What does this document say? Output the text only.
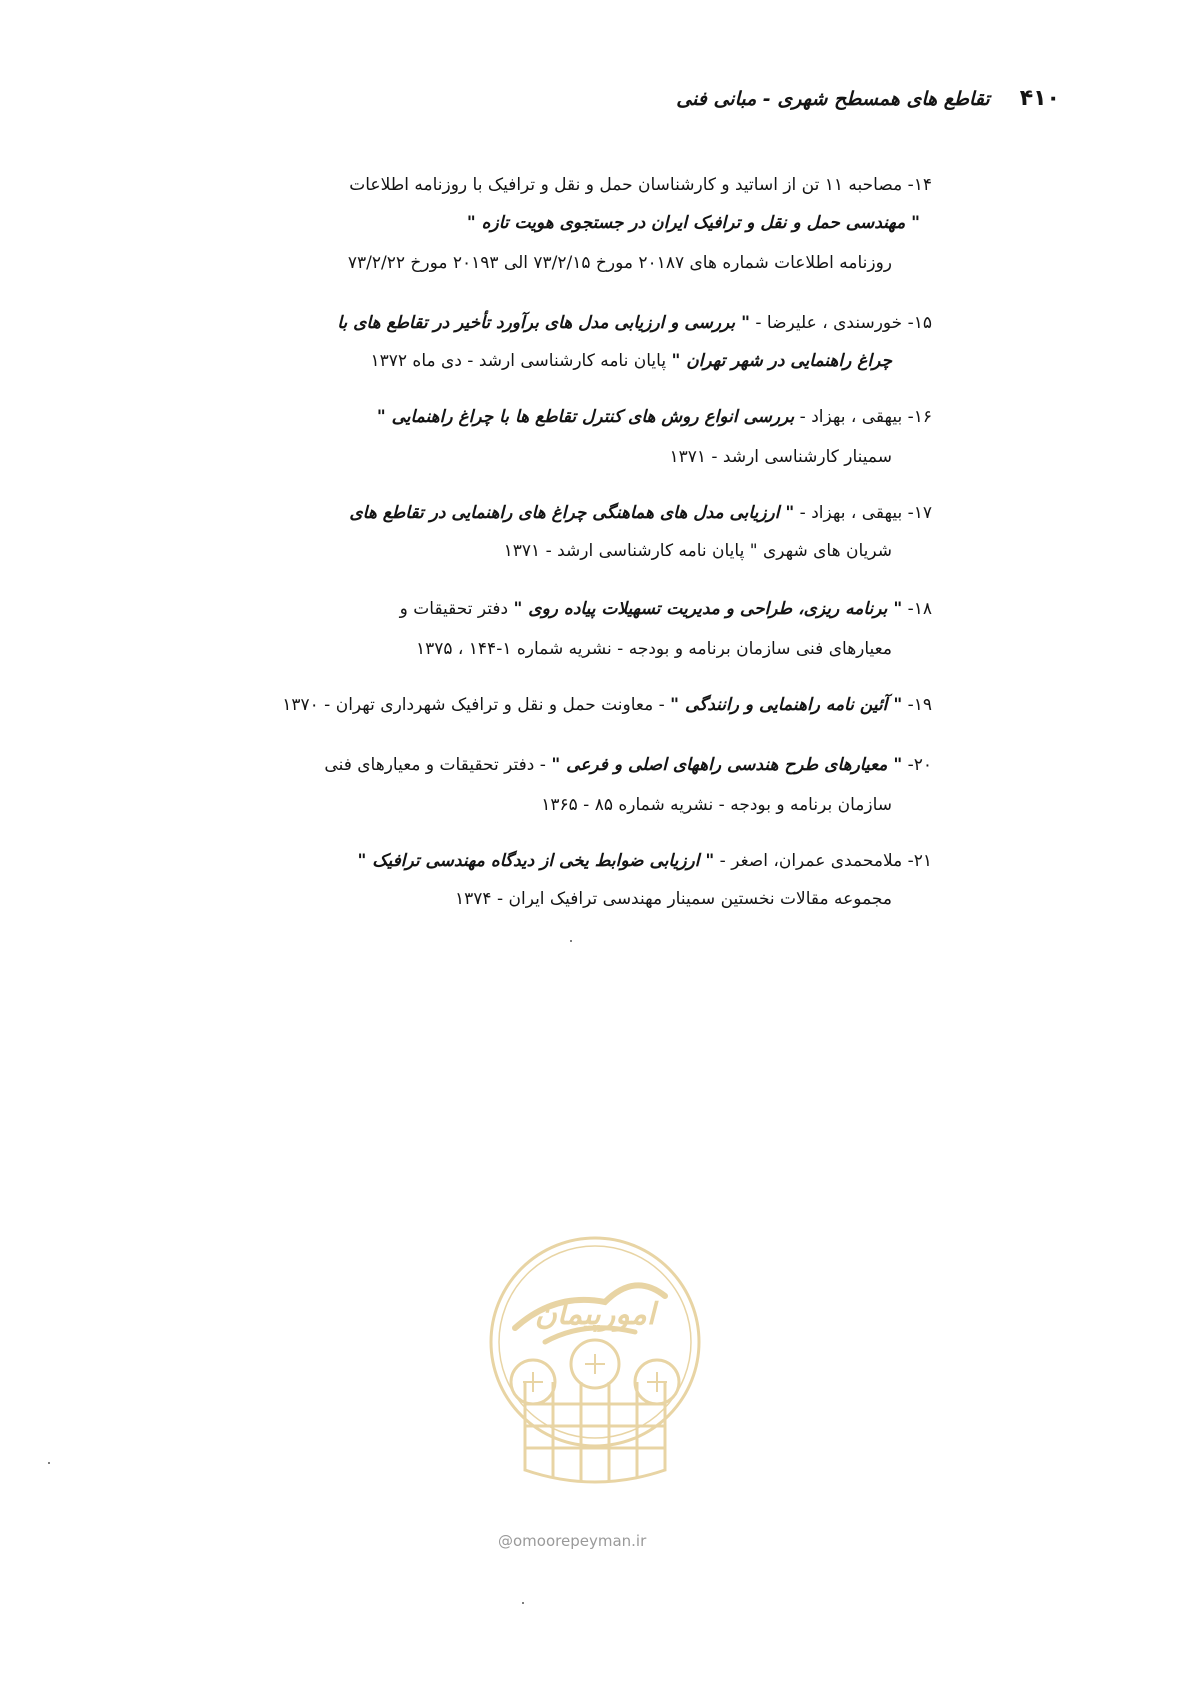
۴۱۰
تقاطع های همسطح شهری - مبانی فنی
۱۴- مصاحبه ۱۱ تن از اساتید و کارشناسان حمل و نقل و ترافیک با روزنامه اطلاعات
" مهندسی حمل و نقل و ترافیک ایران در جستجوی هویت تازه "
روزنامه اطلاعات شماره های ۲۰۱۸۷ مورخ ۷۳/۲/۱۵ الی ۲۰۱۹۳ مورخ ۷۳/۲/۲۲
۱۵- خورسندی ، علیرضا - " بررسی و ارزیابی مدل های برآورد تأخیر در تقاطع های با
چراغ راهنمایی در شهر تهران " پایان نامه کارشناسی ارشد - دی ماه ۱۳۷۲
۱۶- بیهقی ، بهزاد - بررسی انواع روش های کنترل تقاطع ها با چراغ راهنمایی "
سمینار کارشناسی ارشد - ۱۳۷۱
۱۷- بیهقی ، بهزاد - " ارزیابی مدل های هماهنگی چراغ های راهنمایی در تقاطع های
شریان های شهری " پایان نامه کارشناسی ارشد - ۱۳۷۱
۱۸- " برنامه ریزی، طراحی و مدیریت تسهیلات پیاده روی " دفتر تحقیقات و
معیارهای فنی سازمان برنامه و بودجه - نشریه شماره ۱-۱۴۴ ، ۱۳۷۵
۱۹- " آئین نامه راهنمایی و رانندگی " - معاونت حمل و نقل و ترافیک شهرداری تهران - ۱۳۷۰
۲۰- " معیارهای طرح هندسی راههای اصلی و فرعی " - دفتر تحقیقات و معیارهای فنی
سازمان برنامه و بودجه - نشریه شماره ۸۵ - ۱۳۶۵
۲۱- ملامحمدی عمران، اصغر - " ارزیابی ضوابط یخی از دیدگاه مهندسی ترافیک "
مجموعه مقالات نخستین سمینار مهندسی ترافیک ایران - ۱۳۷۴
امورپیمان
@omoorepeyman.ir
